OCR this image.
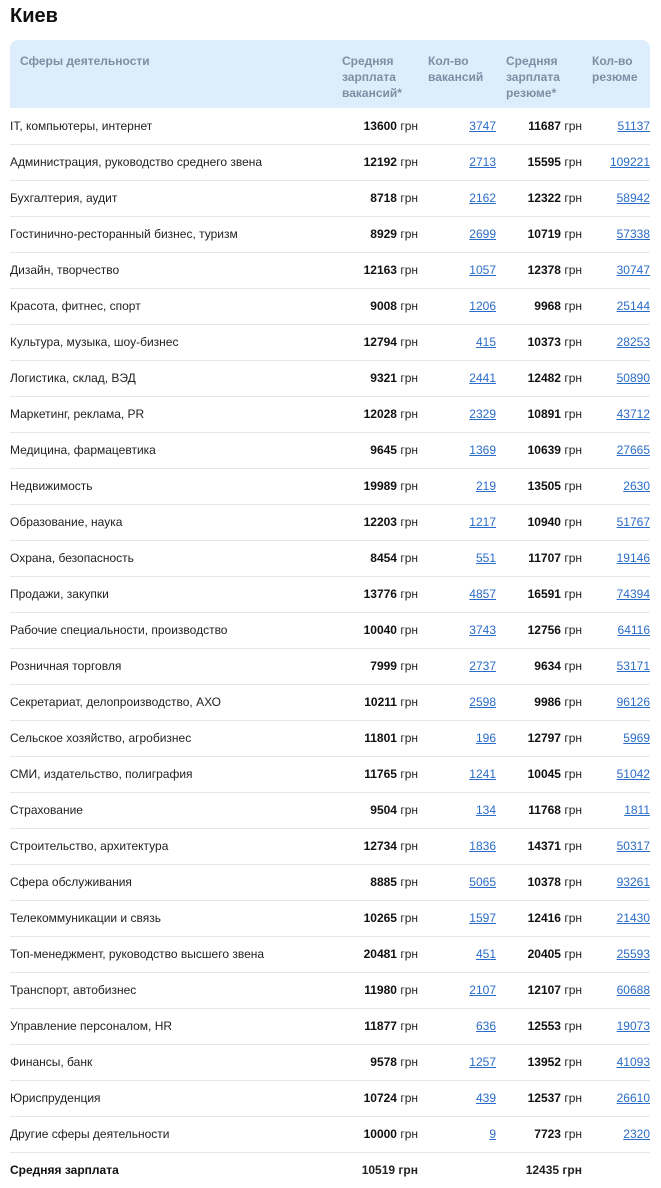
Киев
Сферы деятельности	Средняя зарплата вакансий*	Кол-во вакансий	Средняя зарплата резюме*	Кол-во резюме
IT, компьютеры, интернет	13600 грн	3747	11687 грн	51137
Администрация, руководство среднего звена	12192 грн	2713	15595 грн	109221
Бухгалтерия, аудит	8718 грн	2162	12322 грн	58942
Гостинично-ресторанный бизнес, туризм	8929 грн	2699	10719 грн	57338
Дизайн, творчество	12163 грн	1057	12378 грн	30747
Красота, фитнес, спорт	9008 грн	1206	9968 грн	25144
Культура, музыка, шоу-бизнес	12794 грн	415	10373 грн	28253
Логистика, склад, ВЭД	9321 грн	2441	12482 грн	50890
Маркетинг, реклама, PR	12028 грн	2329	10891 грн	43712
Медицина, фармацевтика	9645 грн	1369	10639 грн	27665
Недвижимость	19989 грн	219	13505 грн	2630
Образование, наука	12203 грн	1217	10940 грн	51767
Охрана, безопасность	8454 грн	551	11707 грн	19146
Продажи, закупки	13776 грн	4857	16591 грн	74394
Рабочие специальности, производство	10040 грн	3743	12756 грн	64116
Розничная торговля	7999 грн	2737	9634 грн	53171
Секретариат, делопроизводство, АХО	10211 грн	2598	9986 грн	96126
Сельское хозяйство, агробизнес	11801 грн	196	12797 грн	5969
СМИ, издательство, полиграфия	11765 грн	1241	10045 грн	51042
Страхование	9504 грн	134	11768 грн	1811
Строительство, архитектура	12734 грн	1836	14371 грн	50317
Сфера обслуживания	8885 грн	5065	10378 грн	93261
Телекоммуникации и связь	10265 грн	1597	12416 грн	21430
Топ-менеджмент, руководство высшего звена	20481 грн	451	20405 грн	25593
Транспорт, автобизнес	11980 грн	2107	12107 грн	60688
Управление персоналом, HR	11877 грн	636	12553 грн	19073
Финансы, банк	9578 грн	1257	13952 грн	41093
Юриспруденция	10724 грн	439	12537 грн	26610
Другие сферы деятельности	10000 грн	9	7723 грн	2320
Средняя зарплата	10519 грн		12435 грн	
